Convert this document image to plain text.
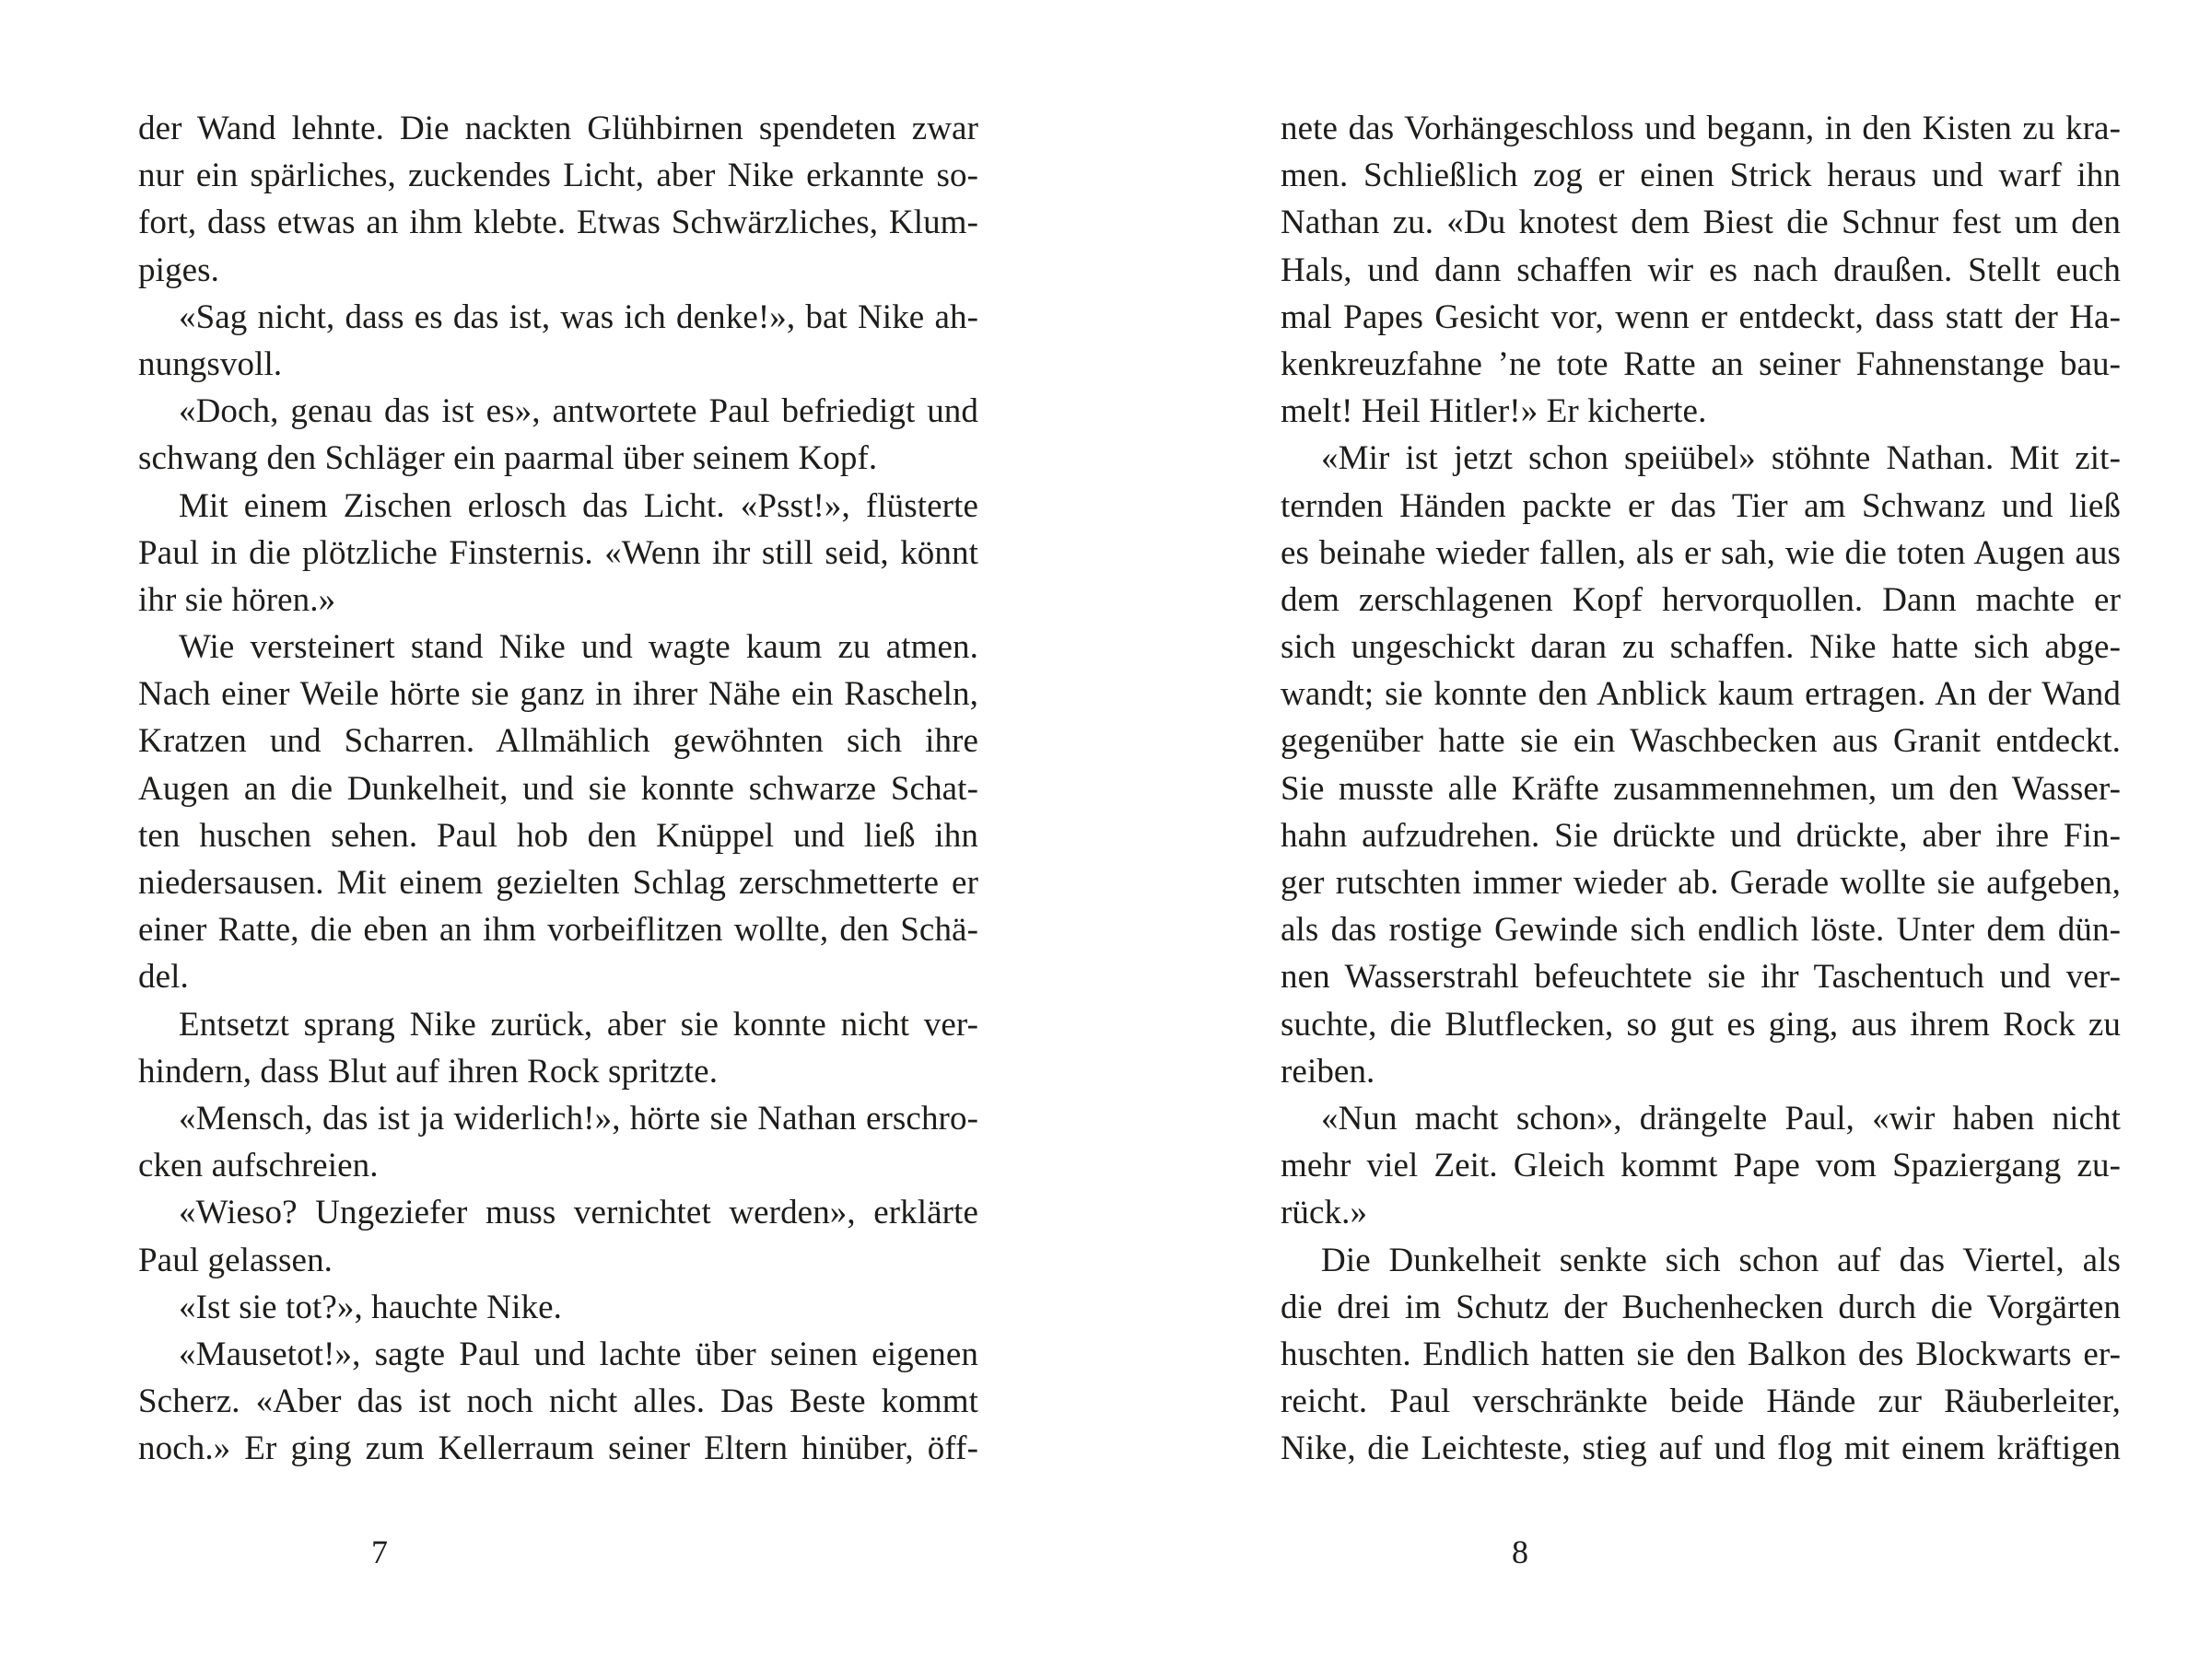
der Wand lehnte. Die nackten Glühbirnen spendeten zwar
nur ein spärliches, zuckendes Licht, aber Nike erkannte so-
fort, dass etwas an ihm klebte. Etwas Schwärzliches, Klum-
piges.
«Sag nicht, dass es das ist, was ich denke!», bat Nike ah-
nungsvoll.
«Doch, genau das ist es», antwortete Paul befriedigt und
schwang den Schläger ein paarmal über seinem Kopf.
Mit einem Zischen erlosch das Licht. «Psst!», flüsterte
Paul in die plötzliche Finsternis. «Wenn ihr still seid, könnt
ihr sie hören.»
Wie versteinert stand Nike und wagte kaum zu atmen.
Nach einer Weile hörte sie ganz in ihrer Nähe ein Rascheln,
Kratzen und Scharren. Allmählich gewöhnten sich ihre
Augen an die Dunkelheit, und sie konnte schwarze Schat-
ten huschen sehen. Paul hob den Knüppel und ließ ihn
niedersausen. Mit einem gezielten Schlag zerschmetterte er
einer Ratte, die eben an ihm vorbeiflitzen wollte, den Schä-
del.
Entsetzt sprang Nike zurück, aber sie konnte nicht ver-
hindern, dass Blut auf ihren Rock spritzte.
«Mensch, das ist ja widerlich!», hörte sie Nathan erschro-
cken aufschreien.
«Wieso? Ungeziefer muss vernichtet werden», erklärte
Paul gelassen.
«Ist sie tot?», hauchte Nike.
«Mausetot!», sagte Paul und lachte über seinen eigenen
Scherz. «Aber das ist noch nicht alles. Das Beste kommt
noch.» Er ging zum Kellerraum seiner Eltern hinüber, öff-
7
nete das Vorhängeschloss und begann, in den Kisten zu kra-
men. Schließlich zog er einen Strick heraus und warf ihn
Nathan zu. «Du knotest dem Biest die Schnur fest um den
Hals, und dann schaffen wir es nach draußen. Stellt euch
mal Papes Gesicht vor, wenn er entdeckt, dass statt der Ha-
kenkreuzfahne ’ne tote Ratte an seiner Fahnenstange bau-
melt! Heil Hitler!» Er kicherte.
«Mir ist jetzt schon speiübel» stöhnte Nathan. Mit zit-
ternden Händen packte er das Tier am Schwanz und ließ
es beinahe wieder fallen, als er sah, wie die toten Augen aus
dem zerschlagenen Kopf hervorquollen. Dann machte er
sich ungeschickt daran zu schaffen. Nike hatte sich abge-
wandt; sie konnte den Anblick kaum ertragen. An der Wand
gegenüber hatte sie ein Waschbecken aus Granit entdeckt.
Sie musste alle Kräfte zusammennehmen, um den Wasser-
hahn aufzudrehen. Sie drückte und drückte, aber ihre Fin-
ger rutschten immer wieder ab. Gerade wollte sie aufgeben,
als das rostige Gewinde sich endlich löste. Unter dem dün-
nen Wasserstrahl befeuchtete sie ihr Taschentuch und ver-
suchte, die Blutflecken, so gut es ging, aus ihrem Rock zu
reiben.
«Nun macht schon», drängelte Paul, «wir haben nicht
mehr viel Zeit. Gleich kommt Pape vom Spaziergang zu-
rück.»
Die Dunkelheit senkte sich schon auf das Viertel, als
die drei im Schutz der Buchenhecken durch die Vorgärten
huschten. Endlich hatten sie den Balkon des Blockwarts er-
reicht. Paul verschränkte beide Hände zur Räuberleiter,
Nike, die Leichteste, stieg auf und flog mit einem kräftigen
8
